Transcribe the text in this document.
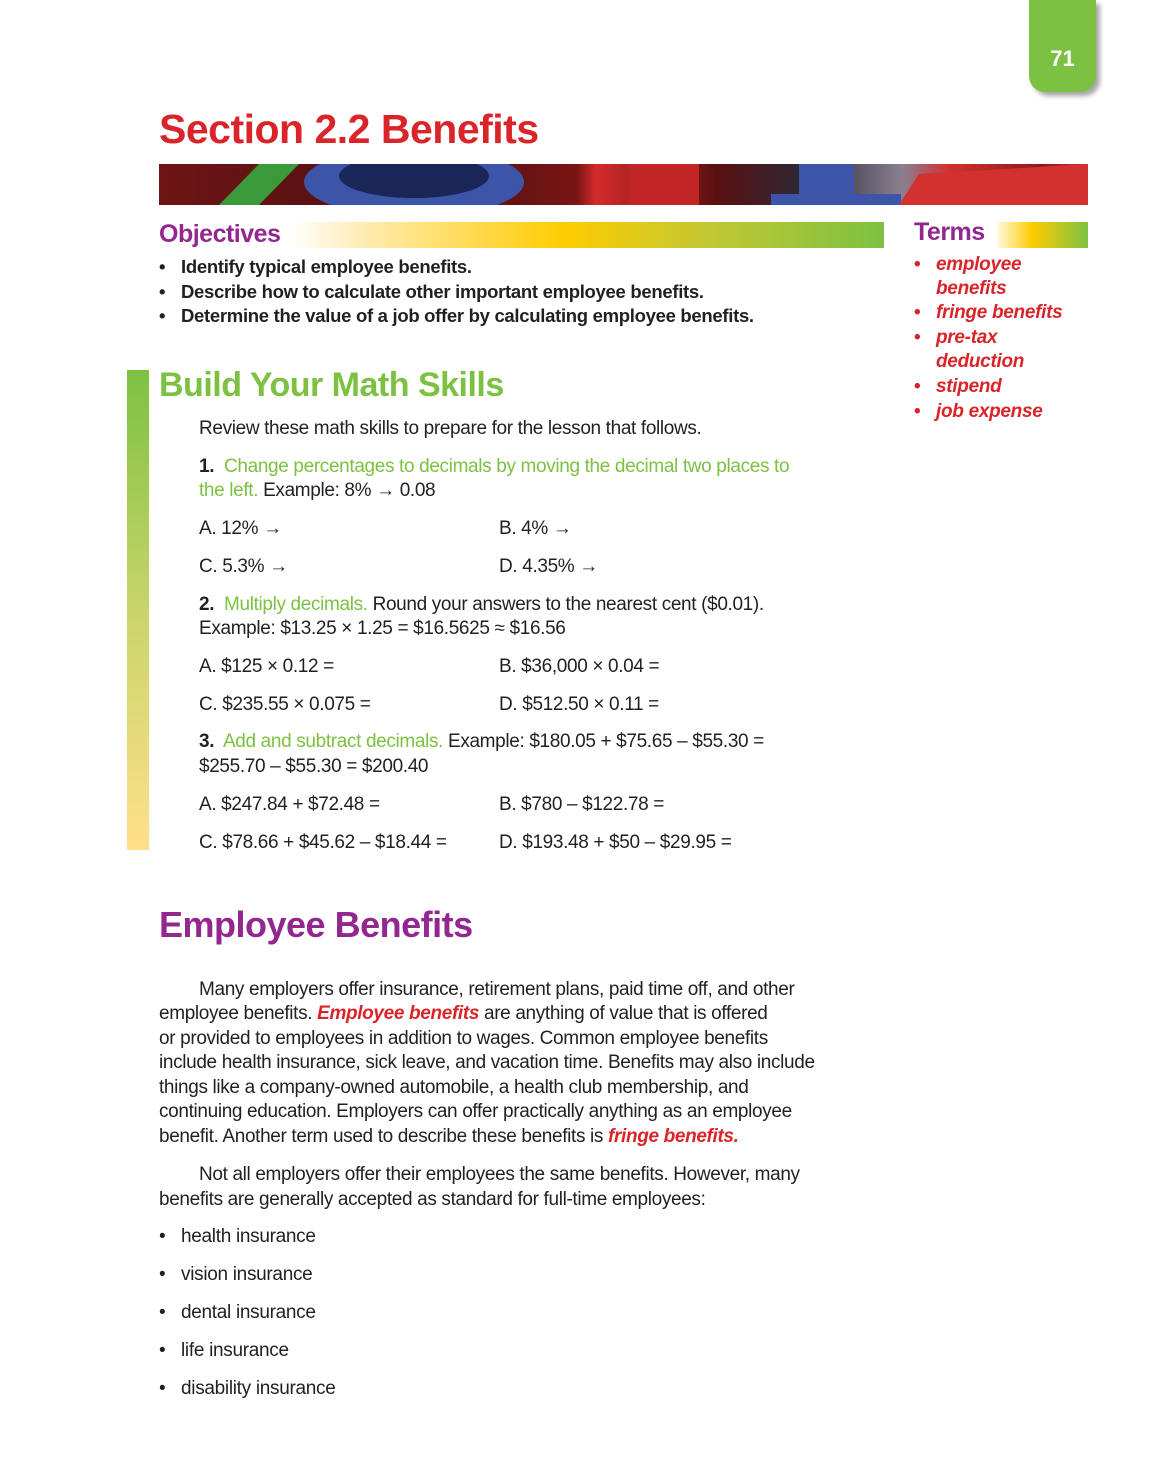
71
Section 2.2 Benefits
Objectives
• Identify typical employee benefits.
• Describe how to calculate other important employee benefits.
• Determine the value of a job offer by calculating employee benefits.
Terms
• employee
benefits
• fringe benefits
• pre-tax
deduction
• stipend
• job expense
Build Your Math Skills
Review these math skills to prepare for the lesson that follows.
1. Change percentages to decimals by moving the decimal two places to
the left. Example: 8% → 0.08
A. 12% →	B. 4% →
C. 5.3% →	D. 4.35% →
2. Multiply decimals. Round your answers to the nearest cent ($0.01).
Example: $13.25 × 1.25 = $16.5625 ≈ $16.56
A. $125 × 0.12 =	B. $36,000 × 0.04 =
C. $235.55 × 0.075 =	D. $512.50 × 0.11 =
3. Add and subtract decimals. Example: $180.05 + $75.65 – $55.30 =
$255.70 – $55.30 = $200.40
A. $247.84 + $72.48 =	B. $780 – $122.78 =
C. $78.66 + $45.62 – $18.44 =	D. $193.48 + $50 – $29.95 =
Employee Benefits
Many employers offer insurance, retirement plans, paid time off, and other
employee benefits. Employee benefits are anything of value that is offered
or provided to employees in addition to wages. Common employee benefits
include health insurance, sick leave, and vacation time. Benefits may also include
things like a company-owned automobile, a health club membership, and
continuing education. Employers can offer practically anything as an employee
benefit. Another term used to describe these benefits is fringe benefits.
Not all employers offer their employees the same benefits. However, many
benefits are generally accepted as standard for full-time employees:
• health insurance
• vision insurance
• dental insurance
• life insurance
• disability insurance
